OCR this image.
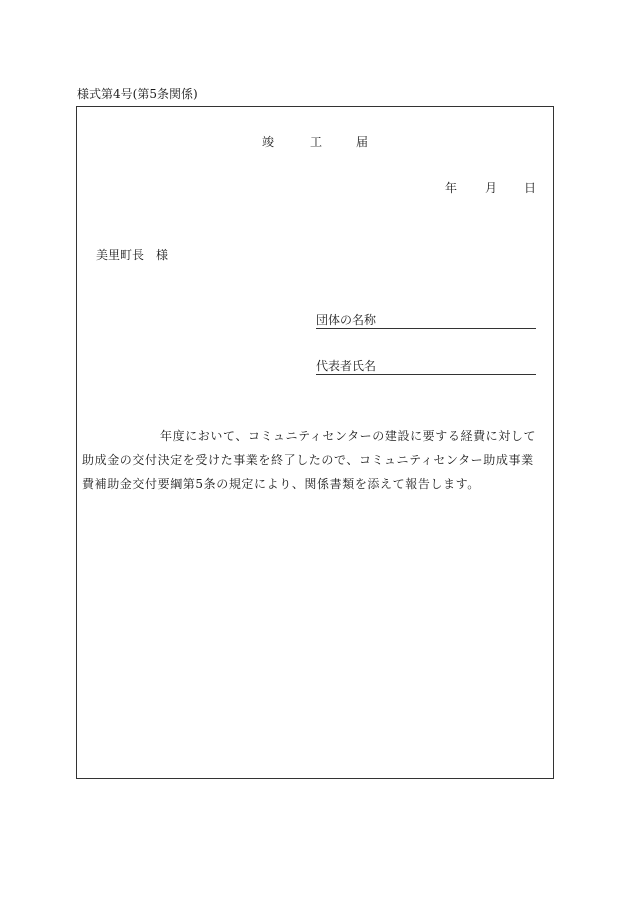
様式第4号(第5条関係)
竣	工	届
年 月 日
美里町長 様
団体の名称
代表者氏名

年度において、コミュニティセンターの建設に要する経費に対して

助成金の交付決定を受けた事業を終了したので、コミュニティセンター助成事業

費補助金交付要綱第5条の規定により、関係書類を添えて報告します。
